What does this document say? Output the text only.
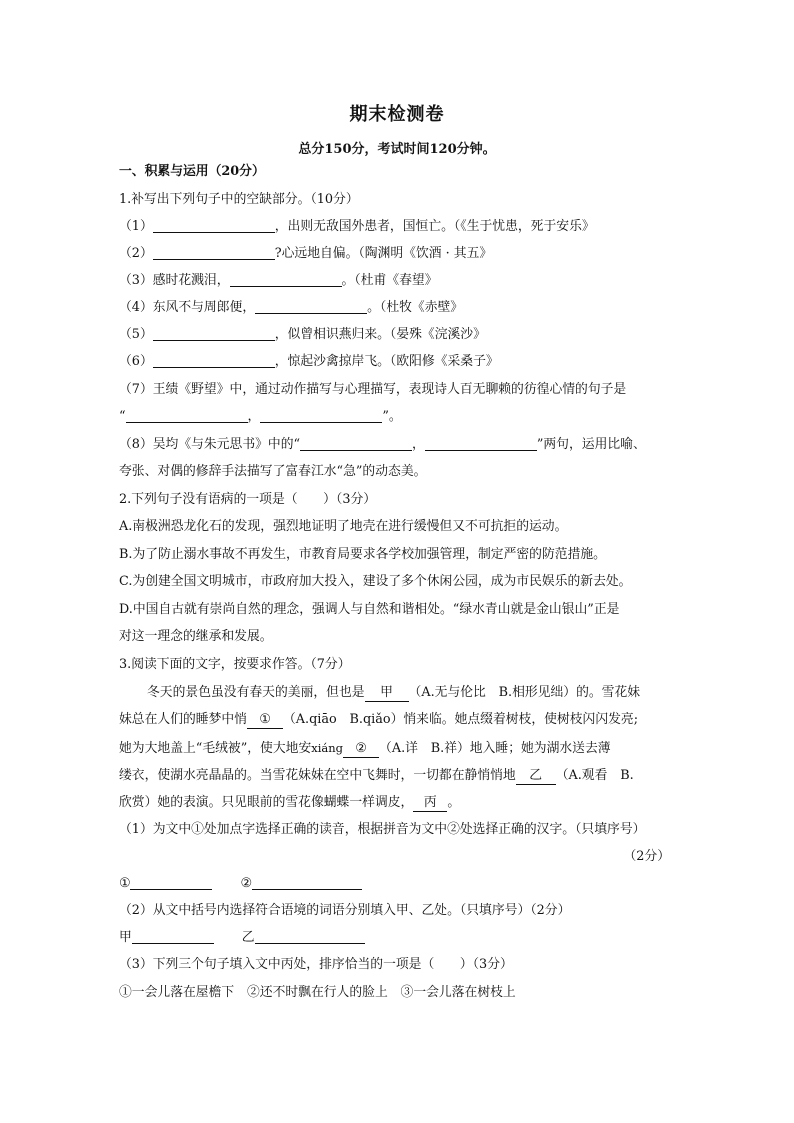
期末检测卷
总分150分，考试时间120分钟。
一、积累与运用（20分）
1.补写出下列句子中的空缺部分。（10分）
（1）	，出则无敌国外患者，国恒亡。（《生于忧患，死于安乐》
（2）	?心远地自偏。（陶渊明《饮酒 · 其五》
（3）感时花溅泪，	。（杜甫《春望》
（4）东风不与周郎便，	。（杜牧《赤壁》
（5）	，似曾相识燕归来。（晏殊《浣溪沙》
（6）	，惊起沙禽掠岸飞。（欧阳修《采桑子》
（7）王绩《野望》中，通过动作描写与心理描写，表现诗人百无聊赖的彷徨心情的句子是
“	，	”。
（8）吴均《与朱元思书》中的“	，	”两句，运用比喻、
夸张、对偶的修辞手法描写了富春江水“急”的动态美。
2.下列句子没有语病的一项是（　　）（3分）
A.南极洲恐龙化石的发现，强烈地证明了地壳在进行缓慢但又不可抗拒的运动。
B.为了防止溺水事故不再发生，市教育局要求各学校加强管理，制定严密的防范措施。
C.为创建全国文明城市，市政府加大投入，建设了多个休闲公园，成为市民娱乐的新去处。
D.中国自古就有崇尚自然的理念，强调人与自然和谐相处。“绿水青山就是金山银山”正是
对这一理念的继承和发展。
3.阅读下面的文字，按要求作答。（7分）
冬天的景色虽没有春天的美丽，但也是 甲 （A.无与伦比　B.相形见绌）的。雪花妹
妹总在人们的睡梦中悄 ① （A.qiāo　B.qiǎo）悄来临。她点缀着树枝，使树枝闪闪发亮;
她为大地盖上“毛绒被”，使大地安xiáng ② （A.详　B.祥）地入睡；她为湖水送去薄
缕衣，使湖水亮晶晶的。当雪花妹妹在空中飞舞时，一切都在静悄悄地 乙 （A.观看　B.
欣赏）她的表演。只见眼前的雪花像蝴蝶一样调皮， 丙 。
（1）为文中①处加点字选择正确的读音，根据拼音为文中②处选择正确的汉字。（只填序号）
（2分）
①	②
（2）从文中括号内选择符合语境的词语分别填入甲、乙处。（只填序号）（2分）
甲	乙
（3）下列三个句子填入文中丙处，排序恰当的一项是（　　）（3分）
①一会儿落在屋檐下　②还不时飘在行人的脸上　③一会儿落在树枝上
